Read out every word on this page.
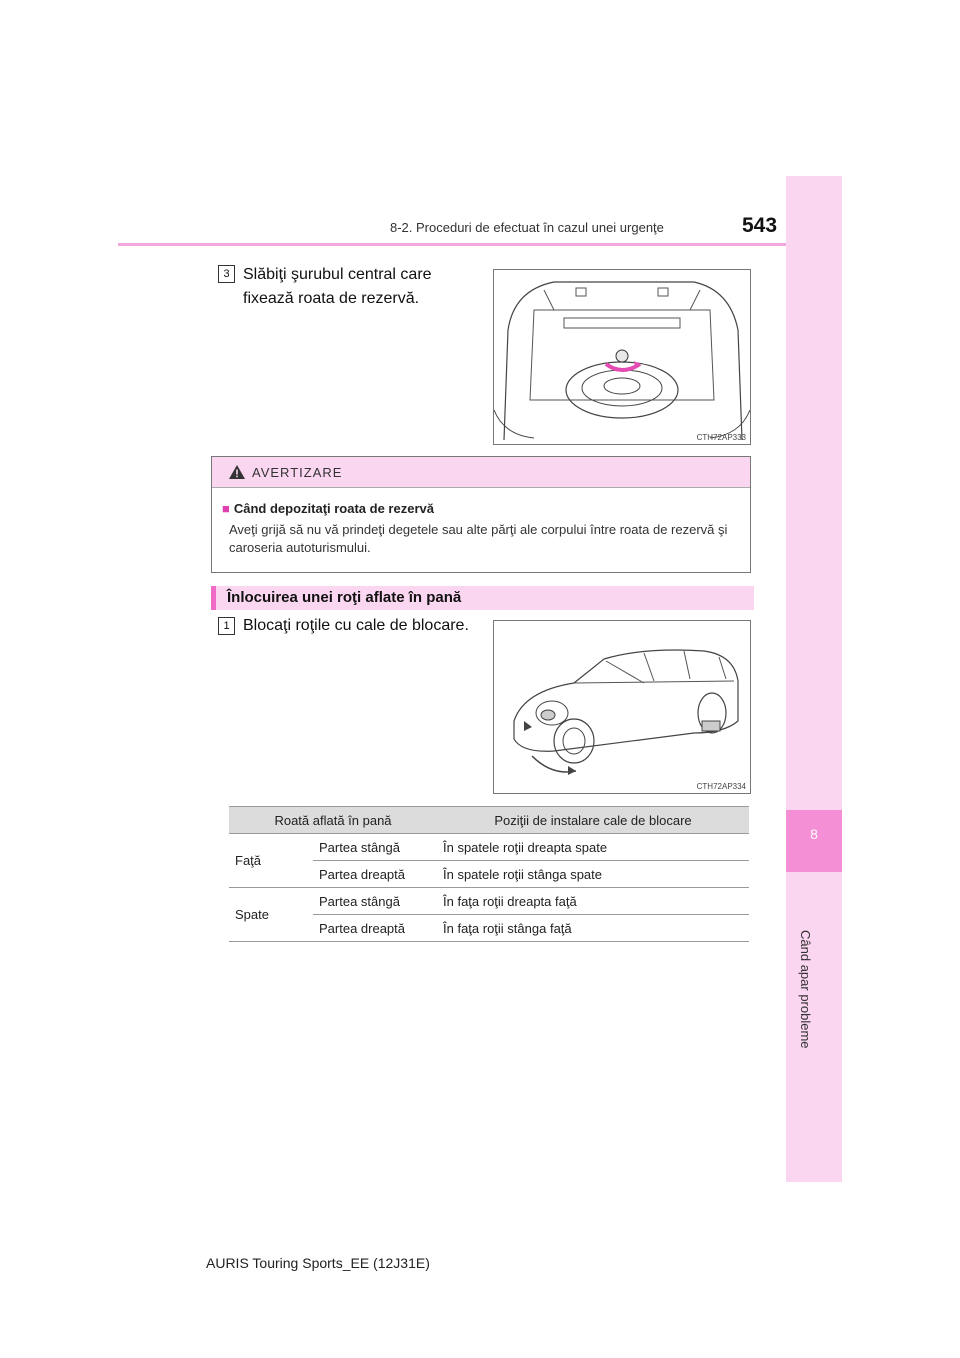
8-2. Proceduri de efectuat în cazul unei urgenţe	543
8
Când apar probleme
3 Slăbiţi şurubul central care fixează roata de rezervă.
CTH72AP333
AVERTIZARE
■ Când depozitaţi roata de rezervă
Aveţi grijă să nu vă prindeţi degetele sau alte părţi ale corpului între roata de rezervă şi caroseria autoturismului.
Înlocuirea unei roţi aflate în pană
1 Blocaţi roţile cu cale de blocare.
CTH72AP334
Roată aflată în pană		Poziţii de instalare cale de blocare
Faţă	Partea stângă	În spatele roţii dreapta spate
	Partea dreaptă	În spatele roţii stânga spate
Spate	Partea stângă	În faţa roţii dreapta faţă
	Partea dreaptă	În faţa roţii stânga faţă
AURIS Touring Sports_EE (12J31E)
